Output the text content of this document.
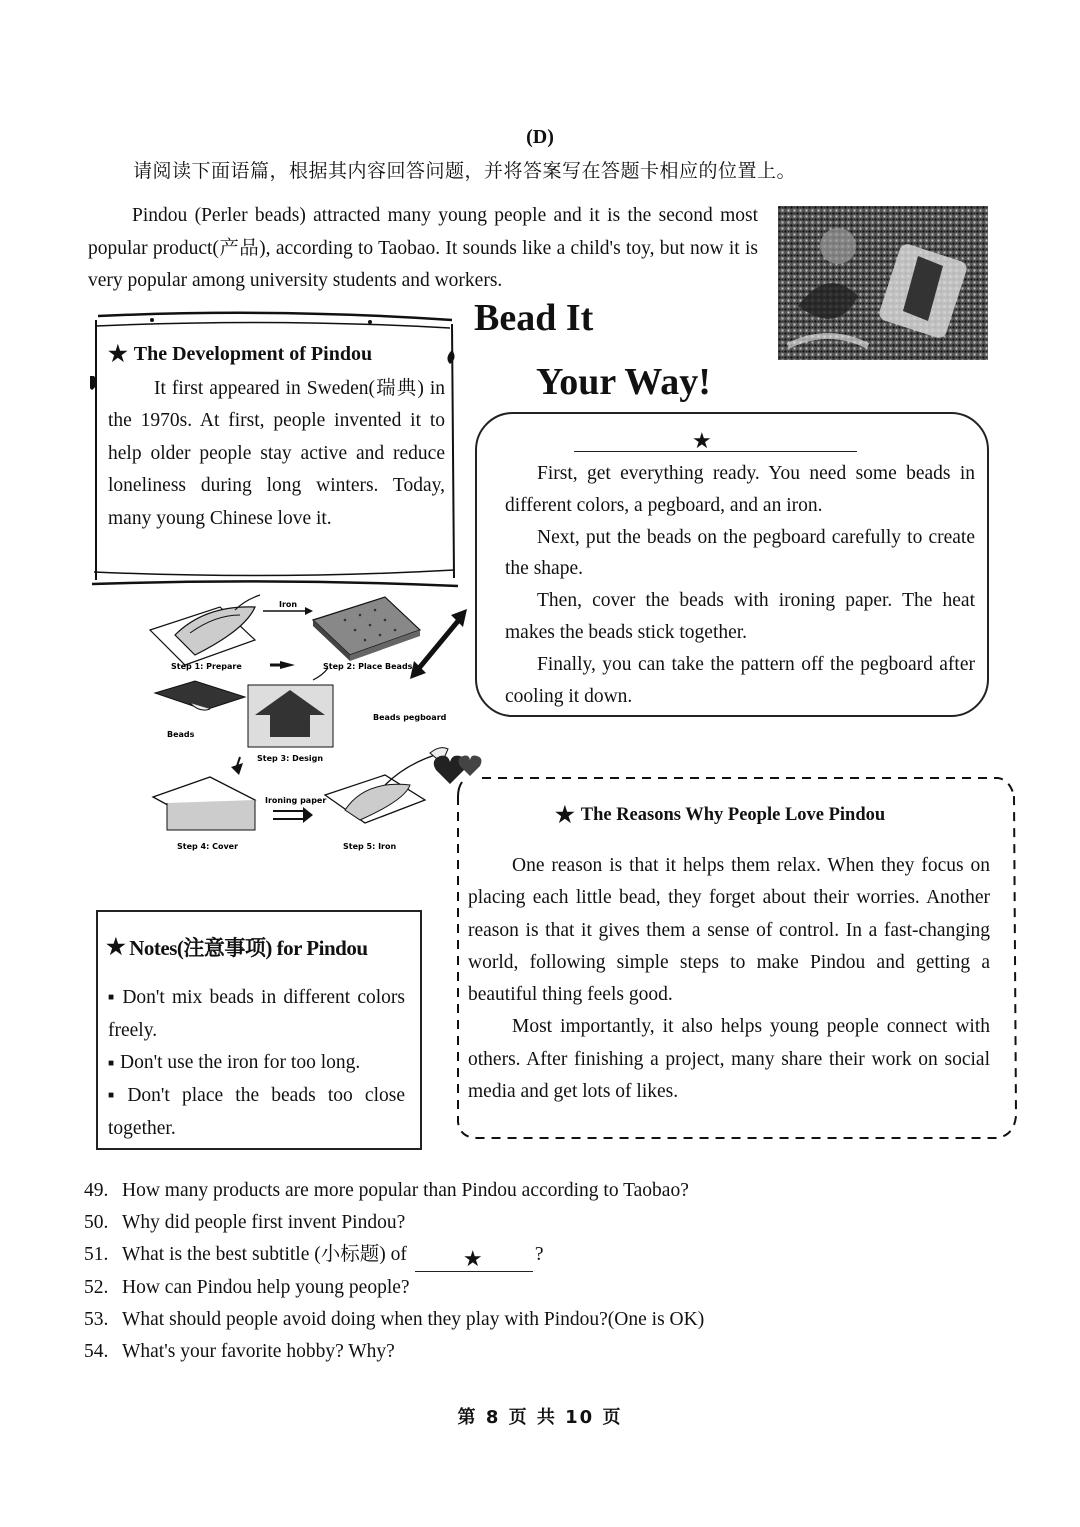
(D)
请阅读下面语篇，根据其内容回答问题，并将答案写在答题卡相应的位置上。

Pindou (Perler beads) attracted many young people and it is the second most popular product(产品), according to Taobao. It sounds like a child's toy, but now it is very popular among university students and workers.

Bead It
Your Way!
★ The Development of Pindou

It first appeared in Sweden(瑞典) in the 1970s. At first, people invented it to help older people stay active and reduce loneliness during long winters. Today, many young Chinese love it.

★

First, get everything ready. You need some beads in different colors, a pegboard, and an iron.

Next, put the beads on the pegboard carefully to create the shape.

Then, cover the beads with ironing paper. The heat makes the beads stick together.

Finally, you can take the pattern off the pegboard after cooling it down.

Iron
Step 1: Prepare	Step 2: Place Beads
Beads
Beads pegboard
Step 3: Design
Step 4: Cover
Ironing paper
Step 5: Iron
★ The Reasons Why People Love Pindou

One reason is that it helps them relax. When they focus on placing each little bead, they forget about their worries. Another reason is that it gives them a sense of control. In a fast-changing world, following simple steps to make Pindou and getting a beautiful thing feels good.

Most importantly, it also helps young people connect with others. After finishing a project, many share their work on social media and get lots of likes.

★ Notes(注意事项) for Pindou

■ Don't mix beads in different colors freely.

■ Don't use the iron for too long.

■ Don't place the beads too close together.

49. How many products are more popular than Pindou according to Taobao?
50. Why did people first invent Pindou?
51. What is the best subtitle (小标题) of	★	?
52. How can Pindou help young people?
53. What should people avoid doing when they play with Pindou?(One is OK)
54. What's your favorite hobby? Why?
第 8 页 共 10 页
